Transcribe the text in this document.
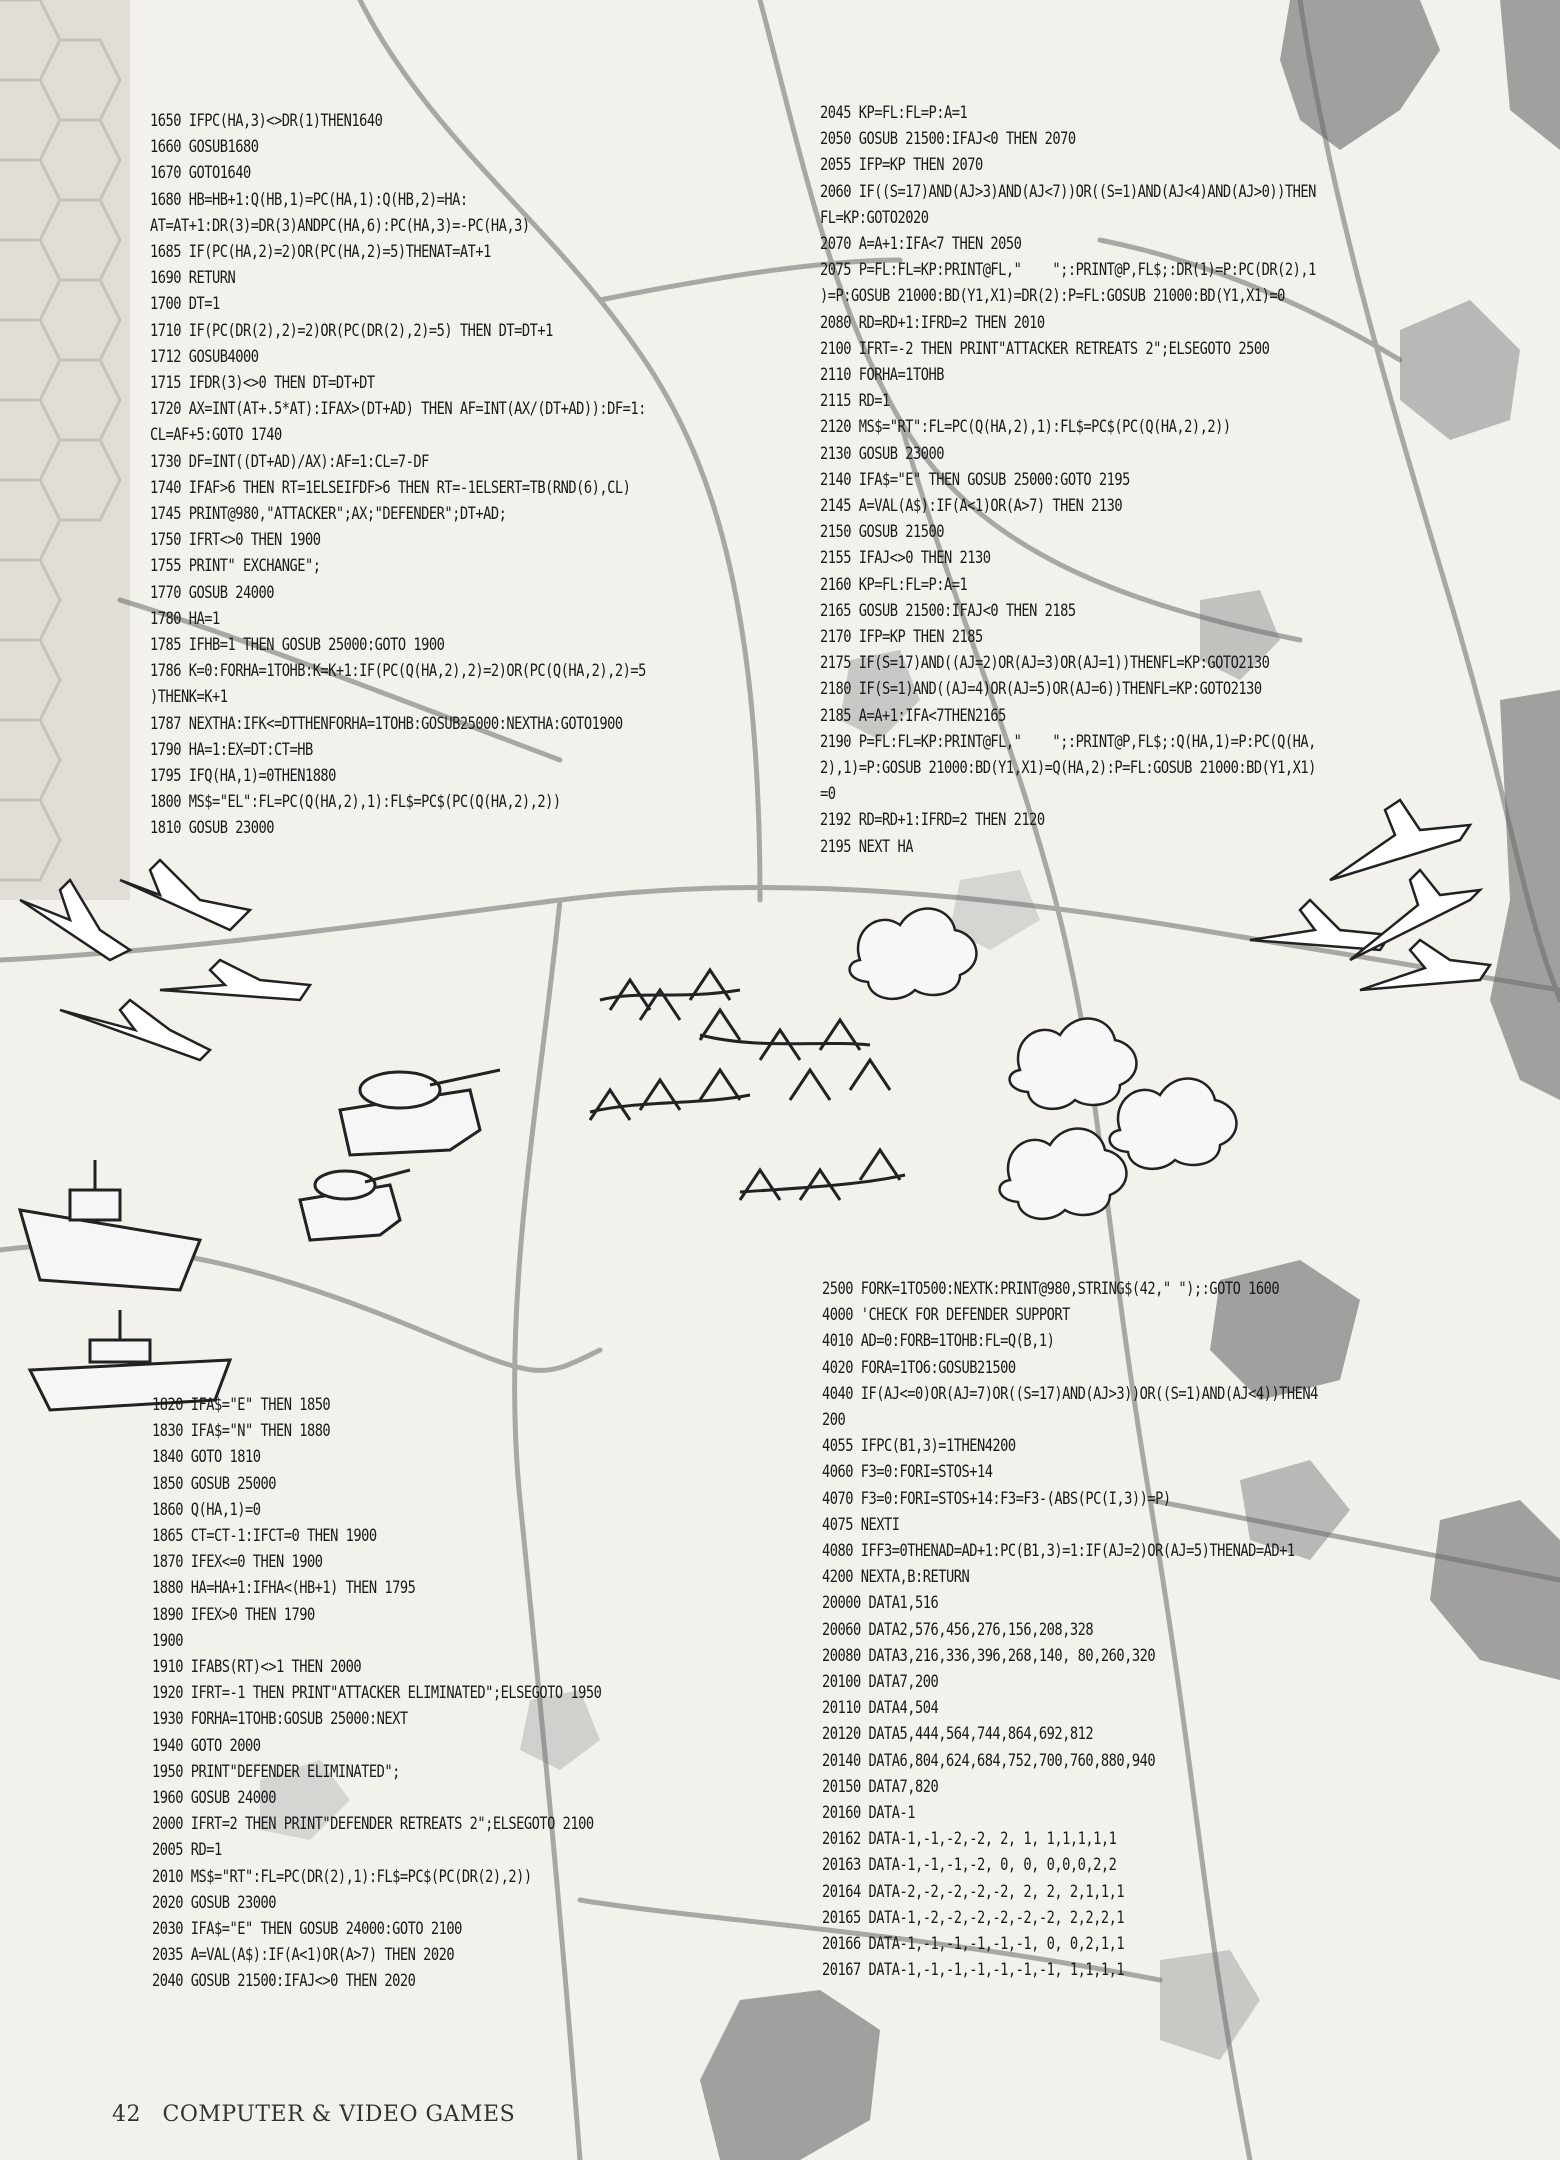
1650 IFPC(HA,3)<>DR(1)THEN1640
1660 GOSUB1680
1670 GOTO1640
1680 HB=HB+1:Q(HB,1)=PC(HA,1):Q(HB,2)=HA:
AT=AT+1:DR(3)=DR(3)ANDPC(HA,6):PC(HA,3)=-PC(HA,3)
1685 IF(PC(HA,2)=2)OR(PC(HA,2)=5)THENAT=AT+1
1690 RETURN
1700 DT=1
1710 IF(PC(DR(2),2)=2)OR(PC(DR(2),2)=5) THEN DT=DT+1
1712 GOSUB4000
1715 IFDR(3)<>0 THEN DT=DT+DT
1720 AX=INT(AT+.5*AT):IFAX>(DT+AD) THEN AF=INT(AX/(DT+AD)):DF=1:
CL=AF+5:GOTO 1740
1730 DF=INT((DT+AD)/AX):AF=1:CL=7-DF
1740 IFAF>6 THEN RT=1ELSEIFDF>6 THEN RT=-1ELSERT=TB(RND(6),CL)
1745 PRINT@980,"ATTACKER";AX;"DEFENDER";DT+AD;
1750 IFRT<>0 THEN 1900
1755 PRINT" EXCHANGE";
1770 GOSUB 24000
1780 HA=1
1785 IFHB=1 THEN GOSUB 25000:GOTO 1900
1786 K=0:FORHA=1TOHB:K=K+1:IF(PC(Q(HA,2),2)=2)OR(PC(Q(HA,2),2)=5
)THENK=K+1
1787 NEXTHA:IFK<=DTTHENFORHA=1TOHB:GOSUB25000:NEXTHA:GOTO1900
1790 HA=1:EX=DT:CT=HB
1795 IFQ(HA,1)=0THEN1880
1800 MS$="EL":FL=PC(Q(HA,2),1):FL$=PC$(PC(Q(HA,2),2))
1810 GOSUB 23000
2045 KP=FL:FL=P:A=1
2050 GOSUB 21500:IFAJ<0 THEN 2070
2055 IFP=KP THEN 2070
2060 IF((S=17)AND(AJ>3)AND(AJ<7))OR((S=1)AND(AJ<4)AND(AJ>0))THEN
FL=KP:GOTO2020
2070 A=A+1:IFA<7 THEN 2050
2075 P=FL:FL=KP:PRINT@FL,"    ";:PRINT@P,FL$;:DR(1)=P:PC(DR(2),1
)=P:GOSUB 21000:BD(Y1,X1)=DR(2):P=FL:GOSUB 21000:BD(Y1,X1)=0
2080 RD=RD+1:IFRD=2 THEN 2010
2100 IFRT=-2 THEN PRINT"ATTACKER RETREATS 2";ELSEGOTO 2500
2110 FORHA=1TOHB
2115 RD=1
2120 MS$="RT":FL=PC(Q(HA,2),1):FL$=PC$(PC(Q(HA,2),2))
2130 GOSUB 23000
2140 IFA$="E" THEN GOSUB 25000:GOTO 2195
2145 A=VAL(A$):IF(A<1)OR(A>7) THEN 2130
2150 GOSUB 21500
2155 IFAJ<>0 THEN 2130
2160 KP=FL:FL=P:A=1
2165 GOSUB 21500:IFAJ<0 THEN 2185
2170 IFP=KP THEN 2185
2175 IF(S=17)AND((AJ=2)OR(AJ=3)OR(AJ=1))THENFL=KP:GOTO2130
2180 IF(S=1)AND((AJ=4)OR(AJ=5)OR(AJ=6))THENFL=KP:GOTO2130
2185 A=A+1:IFA<7THEN2165
2190 P=FL:FL=KP:PRINT@FL,"    ";:PRINT@P,FL$;:Q(HA,1)=P:PC(Q(HA,
2),1)=P:GOSUB 21000:BD(Y1,X1)=Q(HA,2):P=FL:GOSUB 21000:BD(Y1,X1)
=0
2192 RD=RD+1:IFRD=2 THEN 2120
2195 NEXT HA
1820 IFA$="E" THEN 1850
1830 IFA$="N" THEN 1880
1840 GOTO 1810
1850 GOSUB 25000
1860 Q(HA,1)=0
1865 CT=CT-1:IFCT=0 THEN 1900
1870 IFEX<=0 THEN 1900
1880 HA=HA+1:IFHA<(HB+1) THEN 1795
1890 IFEX>0 THEN 1790
1900
1910 IFABS(RT)<>1 THEN 2000
1920 IFRT=-1 THEN PRINT"ATTACKER ELIMINATED";ELSEGOTO 1950
1930 FORHA=1TOHB:GOSUB 25000:NEXT
1940 GOTO 2000
1950 PRINT"DEFENDER ELIMINATED";
1960 GOSUB 24000
2000 IFRT=2 THEN PRINT"DEFENDER RETREATS 2";ELSEGOTO 2100
2005 RD=1
2010 MS$="RT":FL=PC(DR(2),1):FL$=PC$(PC(DR(2),2))
2020 GOSUB 23000
2030 IFA$="E" THEN GOSUB 24000:GOTO 2100
2035 A=VAL(A$):IF(A<1)OR(A>7) THEN 2020
2040 GOSUB 21500:IFAJ<>0 THEN 2020
2500 FORK=1TO500:NEXTK:PRINT@980,STRING$(42," ");:GOTO 1600
4000 'CHECK FOR DEFENDER SUPPORT
4010 AD=0:FORB=1TOHB:FL=Q(B,1)
4020 FORA=1TO6:GOSUB21500
4040 IF(AJ<=0)OR(AJ=7)OR((S=17)AND(AJ>3))OR((S=1)AND(AJ<4))THEN4
200
4055 IFPC(B1,3)=1THEN4200
4060 F3=0:FORI=STOS+14
4070 F3=0:FORI=STOS+14:F3=F3-(ABS(PC(I,3))=P)
4075 NEXTI
4080 IFF3=0THENAD=AD+1:PC(B1,3)=1:IF(AJ=2)OR(AJ=5)THENAD=AD+1
4200 NEXTA,B:RETURN
20000 DATA1,516
20060 DATA2,576,456,276,156,208,328
20080 DATA3,216,336,396,268,140, 80,260,320
20100 DATA7,200
20110 DATA4,504
20120 DATA5,444,564,744,864,692,812
20140 DATA6,804,624,684,752,700,760,880,940
20150 DATA7,820
20160 DATA-1
20162 DATA-1,-1,-2,-2, 2, 1, 1,1,1,1,1
20163 DATA-1,-1,-1,-2, 0, 0, 0,0,0,2,2
20164 DATA-2,-2,-2,-2,-2, 2, 2, 2,1,1,1
20165 DATA-1,-2,-2,-2,-2,-2,-2, 2,2,2,1
20166 DATA-1,-1,-1,-1,-1,-1, 0, 0,2,1,1
20167 DATA-1,-1,-1,-1,-1,-1,-1, 1,1,1,1
42 COMPUTER & VIDEO GAMES
